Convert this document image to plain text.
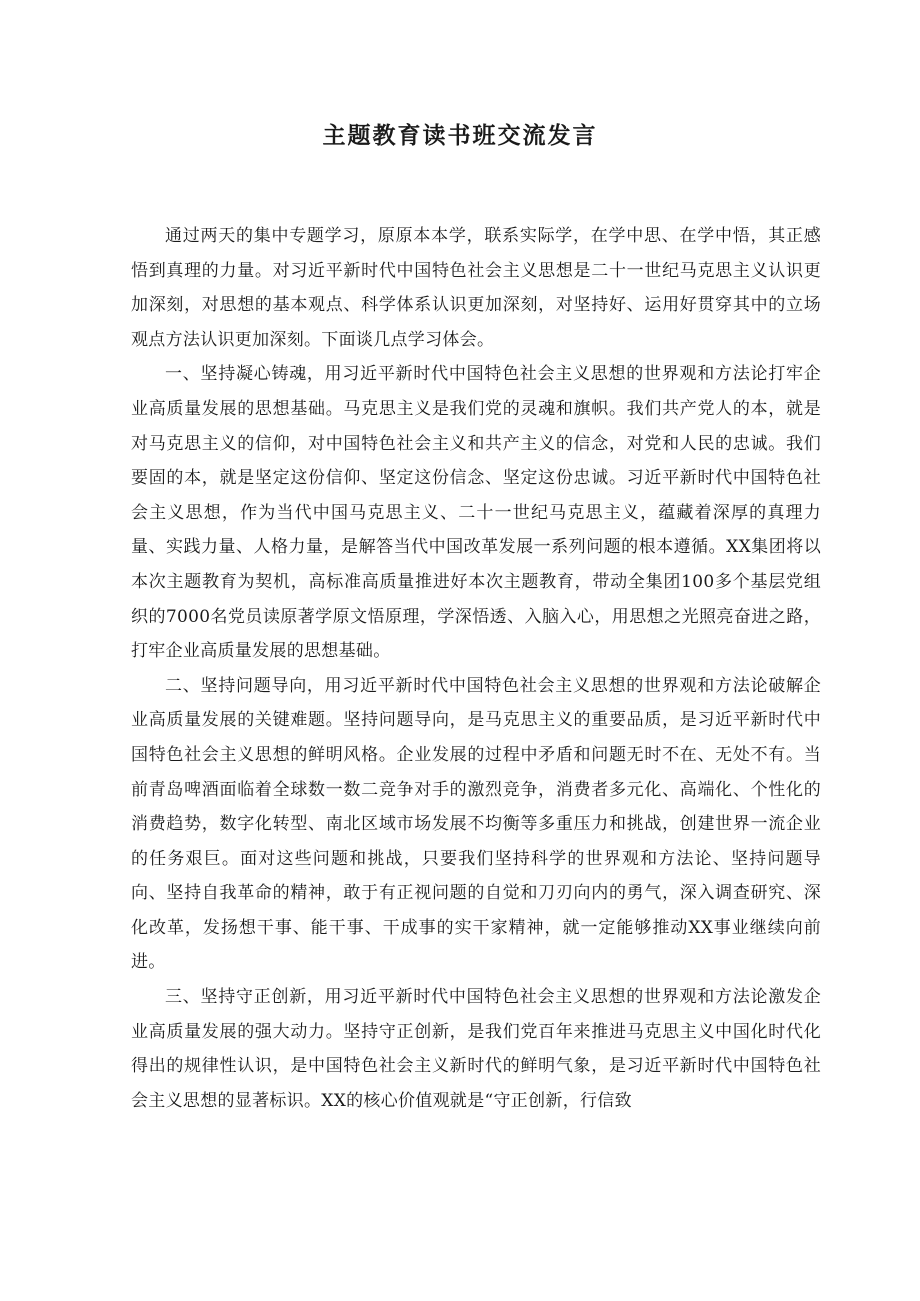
主题教育读书班交流发言

通过两天的集中专题学习，原原本本学，联系实际学，在学中思、在学中悟，其正感悟到真理的力量。对习近平新时代中国特色社会主义思想是二十一世纪马克思主义认识更加深刻，对思想的基本观点、科学体系认识更加深刻，对坚持好、运用好贯穿其中的立场观点方法认识更加深刻。下面谈几点学习体会。

一、坚持凝心铸魂，用习近平新时代中国特色社会主义思想的世界观和方法论打牢企业高质量发展的思想基础。马克思主义是我们党的灵魂和旗帜。我们共产党人的本，就是对马克思主义的信仰，对中国特色社会主义和共产主义的信念，对党和人民的忠诚。我们要固的本，就是坚定这份信仰、坚定这份信念、坚定这份忠诚。习近平新时代中国特色社会主义思想，作为当代中国马克思主义、二十一世纪马克思主义，蕴藏着深厚的真理力量、实践力量、人格力量，是解答当代中国改革发展一系列问题的根本遵循。XX集团将以本次主题教育为契机，高标准高质量推进好本次主题教育，带动全集团100多个基层党组织的7000名党员读原著学原文悟原理，学深悟透、入脑入心，用思想之光照亮奋进之路，打牢企业高质量发展的思想基础。

二、坚持问题导向，用习近平新时代中国特色社会主义思想的世界观和方法论破解企业高质量发展的关键难题。坚持问题导向，是马克思主义的重要品质，是习近平新时代中国特色社会主义思想的鲜明风格。企业发展的过程中矛盾和问题无时不在、无处不有。当前青岛啤酒面临着全球数一数二竞争对手的激烈竞争，消费者多元化、高端化、个性化的消费趋势，数字化转型、南北区域市场发展不均衡等多重压力和挑战，创建世界一流企业的任务艰巨。面对这些问题和挑战，只要我们坚持科学的世界观和方法论、坚持问题导向、坚持自我革命的精神，敢于有正视问题的自觉和刀刃向内的勇气，深入调查研究、深化改革，发扬想干事、能干事、干成事的实干家精神，就一定能够推动XX事业继续向前进。

三、坚持守正创新，用习近平新时代中国特色社会主义思想的世界观和方法论激发企业高质量发展的强大动力。坚持守正创新，是我们党百年来推进马克思主义中国化时代化得出的规律性认识，是中国特色社会主义新时代的鲜明气象，是习近平新时代中国特色社会主义思想的显著标识。XX的核心价值观就是“守正创新，行信致
